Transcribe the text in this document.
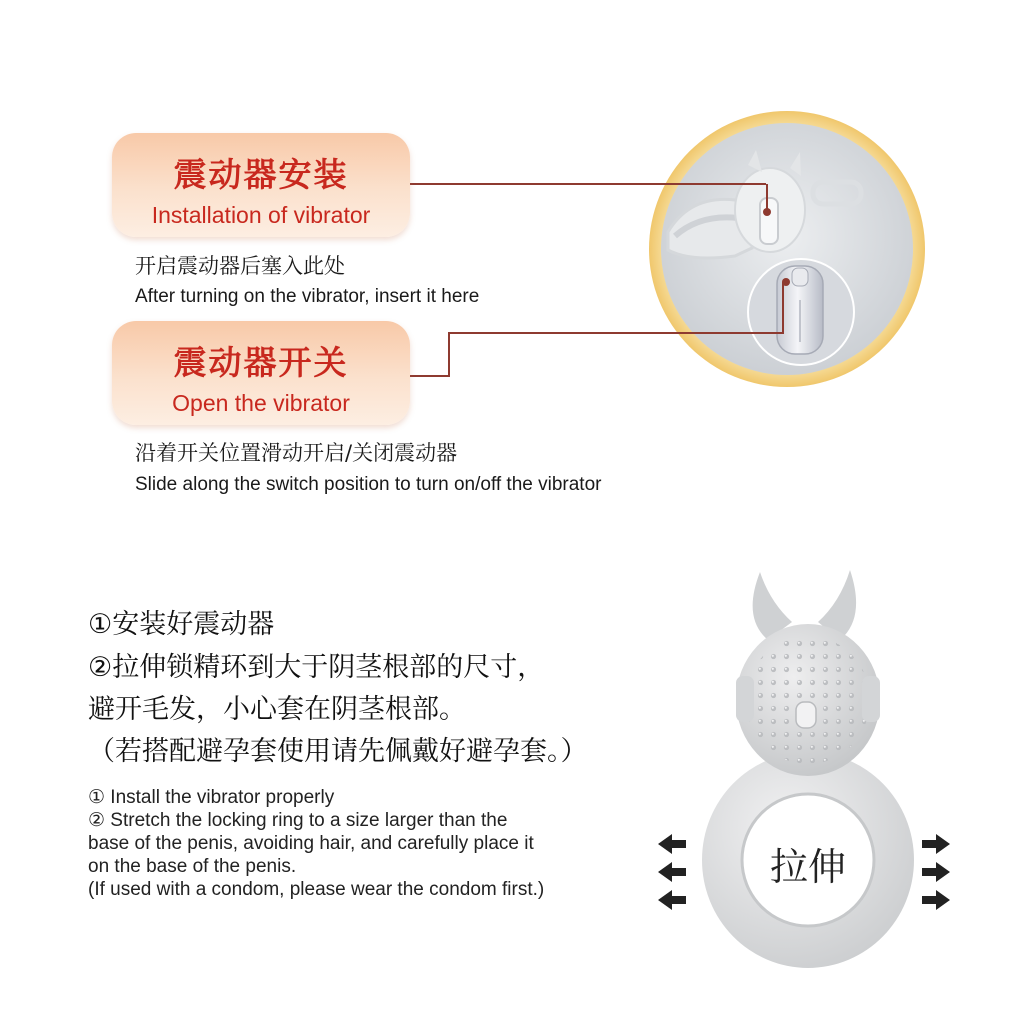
震动器安装
Installation of vibrator
开启震动器后塞入此处
After turning on the vibrator, insert it here
震动器开关
Open the vibrator
沿着开关位置滑动开启/关闭震动器
Slide along the switch position to turn on/off the vibrator
①安装好震动器
②拉伸锁精环到大于阴茎根部的尺寸，
避开毛发，小心套在阴茎根部。
（若搭配避孕套使用请先佩戴好避孕套。）
① Install the vibrator properly
② Stretch the locking ring to a size larger than the
base of the penis, avoiding hair, and carefully place it
on the base of the penis.
(If used with a condom, please wear the condom first.)
拉伸
